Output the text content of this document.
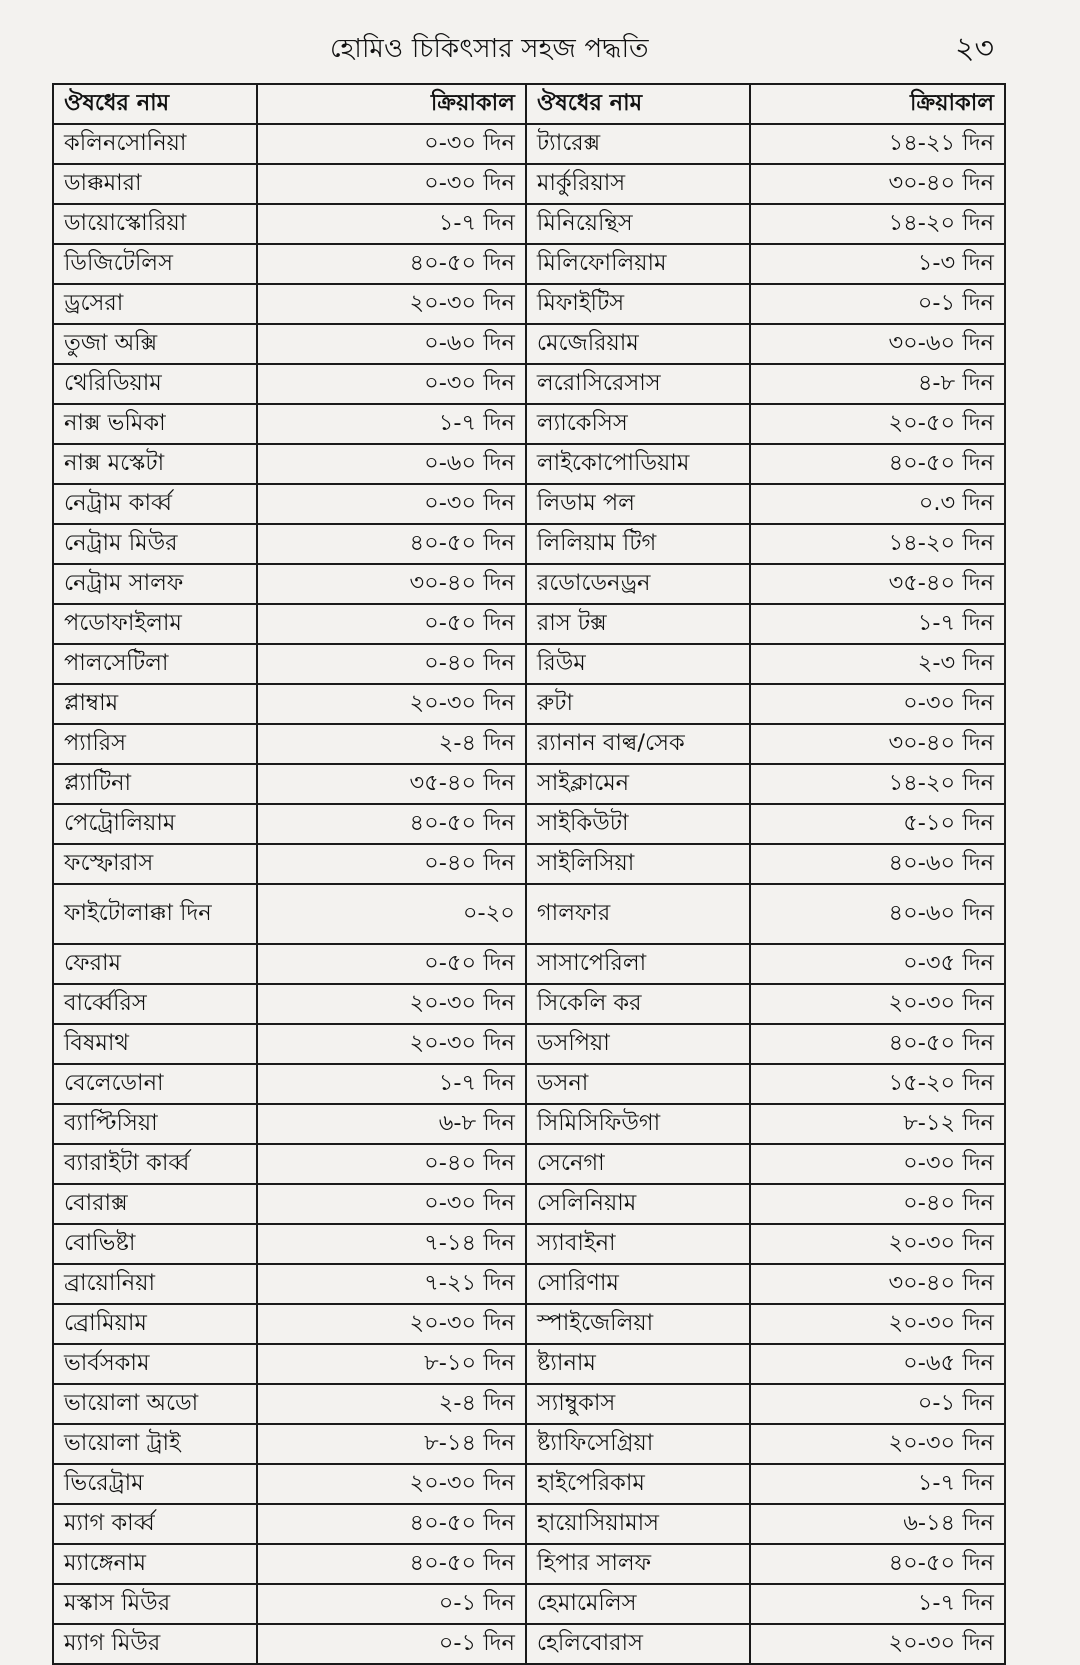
হোমিও চিকিৎসার সহজ পদ্ধতি	২৩
ঔষধের নাম	ক্রিয়াকাল	ঔষধের নাম	ক্রিয়াকাল
কলিনসোনিয়া	০-৩০ দিন	ট্যারেক্স	১৪-২১ দিন
ডাক্কমারা	০-৩০ দিন	মার্কুরিয়াস	৩০-৪০ দিন
ডায়োস্কোরিয়া	১-৭ দিন	মিনিয়েন্থিস	১৪-২০ দিন
ডিজিটেলিস	৪০-৫০ দিন	মিলিফোলিয়াম	১-৩ দিন
ড্রসেরা	২০-৩০ দিন	মিফাইটিস	০-১ দিন
তুজা অক্সি	০-৬০ দিন	মেজেরিয়াম	৩০-৬০ দিন
থেরিডিয়াম	০-৩০ দিন	লরোসিরেসাস	৪-৮ দিন
নাক্স ভমিকা	১-৭ দিন	ল্যাকেসিস	২০-৫০ দিন
নাক্স মস্কেটা	০-৬০ দিন	লাইকোপোডিয়াম	৪০-৫০ দিন
নেট্রাম কার্ব্ব	০-৩০ দিন	লিডাম পল	০.৩ দিন
নেট্রাম মিউর	৪০-৫০ দিন	লিলিয়াম টিগ	১৪-২০ দিন
নেট্রাম সালফ	৩০-৪০ দিন	রডোডেনড্রন	৩৫-৪০ দিন
পডোফাইলাম	০-৫০ দিন	রাস টক্স	১-৭ দিন
পালসেটিলা	০-৪০ দিন	রিউম	২-৩ দিন
প্লাম্বাম	২০-৩০ দিন	রুটা	০-৩০ দিন
প্যারিস	২-৪ দিন	র‍্যানান বাল্ব/সেক	৩০-৪০ দিন
প্ল্যাটিনা	৩৫-৪০ দিন	সাইক্লামেন	১৪-২০ দিন
পেট্রোলিয়াম	৪০-৫০ দিন	সাইকিউটা	৫-১০ দিন
ফস্ফোরাস	০-৪০ দিন	সাইলিসিয়া	৪০-৬০ দিন
ফাইটোলাক্কা দিন	০-২০	গালফার	৪০-৬০ দিন
ফেরাম	০-৫০ দিন	সাসাপেরিলা	০-৩৫ দিন
বার্ব্বেরিস	২০-৩০ দিন	সিকেলি কর	২০-৩০ দিন
বিষমাথ	২০-৩০ দিন	ডসপিয়া	৪০-৫০ দিন
বেলেডোনা	১-৭ দিন	ডসনা	১৫-২০ দিন
ব্যাপ্টিসিয়া	৬-৮ দিন	সিমিসিফিউগা	৮-১২ দিন
ব্যারাইটা কার্ব্ব	০-৪০ দিন	সেনেগা	০-৩০ দিন
বোরাক্স	০-৩০ দিন	সেলিনিয়াম	০-৪০ দিন
বোভিষ্টা	৭-১৪ দিন	স্যাবাইনা	২০-৩০ দিন
ব্রায়োনিয়া	৭-২১ দিন	সোরিণাম	৩০-৪০ দিন
ব্রোমিয়াম	২০-৩০ দিন	স্পাইজেলিয়া	২০-৩০ দিন
ভার্বসকাম	৮-১০ দিন	ষ্ট্যানাম	০-৬৫ দিন
ভায়োলা অডো	২-৪ দিন	স্যাম্বুকাস	০-১ দিন
ভায়োলা ট্রাই	৮-১৪ দিন	ষ্ট্যাফিসেগ্রিয়া	২০-৩০ দিন
ভিরেট্রাম	২০-৩০ দিন	হাইপেরিকাম	১-৭ দিন
ম্যাগ কার্ব্ব	৪০-৫০ দিন	হায়োসিয়ামাস	৬-১৪ দিন
ম্যাঙ্গেনাম	৪০-৫০ দিন	হিপার সালফ	৪০-৫০ দিন
মস্কাস মিউর	০-১ দিন	হেমামেলিস	১-৭ দিন
ম্যাগ মিউর	০-১ দিন	হেলিবোরাস	২০-৩০ দিন
